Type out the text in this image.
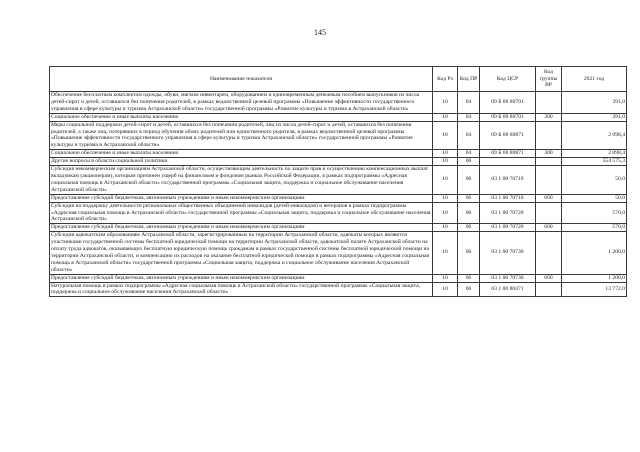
145
Наименование показателя	Код Рз	Код ПР	Код ЦСР	Код группы ВР	2021 год
Обеспечение бесплатным комплектом одежды, обуви, мягким инвентарем, оборудованием и единовременным денежным пособием выпускников из числа детей-сирот и детей, оставшихся без попечения родителей, в рамках ведомственной целевой программы «Повышение эффективности государственного управления в сфере культуры и туризма Астраханской области» государственной программы «Развитие культуры и туризма в Астраханской области»	10	04	09 Б 00 80701		391,0
Социальное обеспечение и иные выплаты населению	10	04	09 Б 00 80701	300	391,0
Меры социальной поддержки детей-сирот и детей, оставшихся без попечения родителей, лиц из числа детей-сирот и детей, оставшихся без попечения родителей, а также лиц, потерявших в период обучения обоих родителей или единственного родителя, в рамках ведомственной целевой программы «Повышение эффективности государственного управления в сфере культуры и туризма Астраханской области» государственной программы «Развитие культуры и туризма в Астраханской области»	10	04	09 Б 00 80871		2 098,4
Социальное обеспечение и иные выплаты населению	10	04	09 Б 00 80871	300	2 098,4
Другие вопросы в области социальной политики	10	06			554 575,3
Субсидия некоммерческим организациям Астраханской области, осуществляющим деятельность по защите прав и осуществлению компенсационных выплат вкладчикам (акционерам), которым причинен ущерб на финансовом и фондовом рынках Российской Федерации, в рамках подпрограммы «Адресная социальная помощь в Астраханской области» государственной программы «Социальная защита, поддержка и социальное обслуживание населения Астраханской области»	10	06	03 1 00 70710		50,0
Предоставление субсидий бюджетным, автономным учреждениям и иным некоммерческим организациям	10	06	03 1 00 70710	600	50,0
Субсидия на поддержку деятельности региональных общественных объединений инвалидов (детей-инвалидов) и ветеранов в рамках подпрограммы «Адресная социальная помощь в Астраханской области» государственной программы «Социальная защита, поддержка и социальное обслуживание населения Астраханской области»	10	06	03 1 00 70720		570,0
Предоставление субсидий бюджетным, автономным учреждениям и иным некоммерческим организациям	10	06	03 1 00 70720	600	570,0
Субсидия адвокатским образованиям Астраханской области, зарегистрированным на территории Астраханской области, адвокаты которых являются участниками государственной системы бесплатной юридической помощи на территории Астраханской области, адвокатской палате Астраханской области на оплату труда адвокатов, оказывающих бесплатную юридическую помощь гражданам в рамках государственной системы бесплатной юридической помощи на территории Астраханской области, и компенсацию их расходов на оказание бесплатной юридической помощи в рамках подпрограммы «Адресная социальная помощь в Астраханской области» государственной программы «Социальная защита, поддержка и социальное обслуживание населения Астраханской области»	10	06	03 1 00 70730		1 200,0
Предоставление субсидий бюджетным, автономным учреждениям и иным некоммерческим организациям	10	06	03 1 00 70730	600	1 200,0
Натуральная помощь в рамках подпрограммы «Адресная социальная помощь в Астраханской области» государственной программы «Социальная защита, поддержка и социальное обслуживание населения Астраханской области»	10	06	03 1 00 80471		13 772,0
